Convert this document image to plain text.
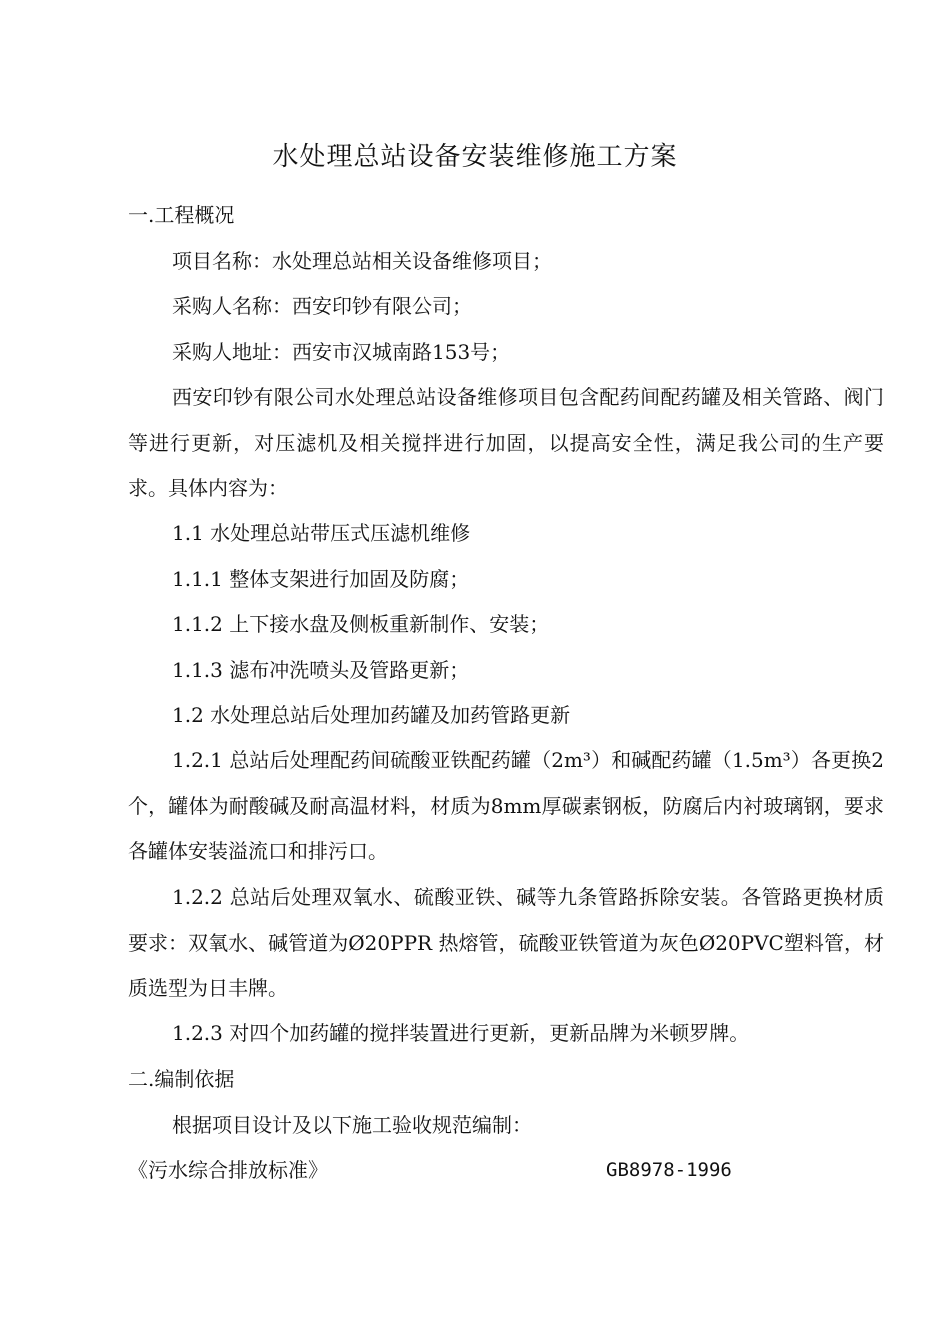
水处理总站设备安装维修施工方案
一.工程概况
项目名称：水处理总站相关设备维修项目；
采购人名称：西安印钞有限公司；
采购人地址：西安市汉城南路153号；
西安印钞有限公司水处理总站设备维修项目包含配药间配药罐及相关管路、阀门等进行更新，对压滤机及相关搅拌进行加固，以提高安全性，满足我公司的生产要求。具体内容为：
1.1 水处理总站带压式压滤机维修
1.1.1 整体支架进行加固及防腐；
1.1.2 上下接水盘及侧板重新制作、安装；
1.1.3 滤布冲洗喷头及管路更新；
1.2 水处理总站后处理加药罐及加药管路更新
1.2.1 总站后处理配药间硫酸亚铁配药罐（2m³）和碱配药罐（1.5m³）各更换2个，罐体为耐酸碱及耐高温材料，材质为8mm厚碳素钢板，防腐后内衬玻璃钢，要求各罐体安装溢流口和排污口。
1.2.2 总站后处理双氧水、硫酸亚铁、碱等九条管路拆除安装。各管路更换材质要求：双氧水、碱管道为Ø20PPR 热熔管，硫酸亚铁管道为灰色Ø20PVC塑料管，材质选型为日丰牌。
1.2.3 对四个加药罐的搅拌装置进行更新，更新品牌为米顿罗牌。
二.编制依据
根据项目设计及以下施工验收规范编制：
《污水综合排放标准》	GB8978-1996
